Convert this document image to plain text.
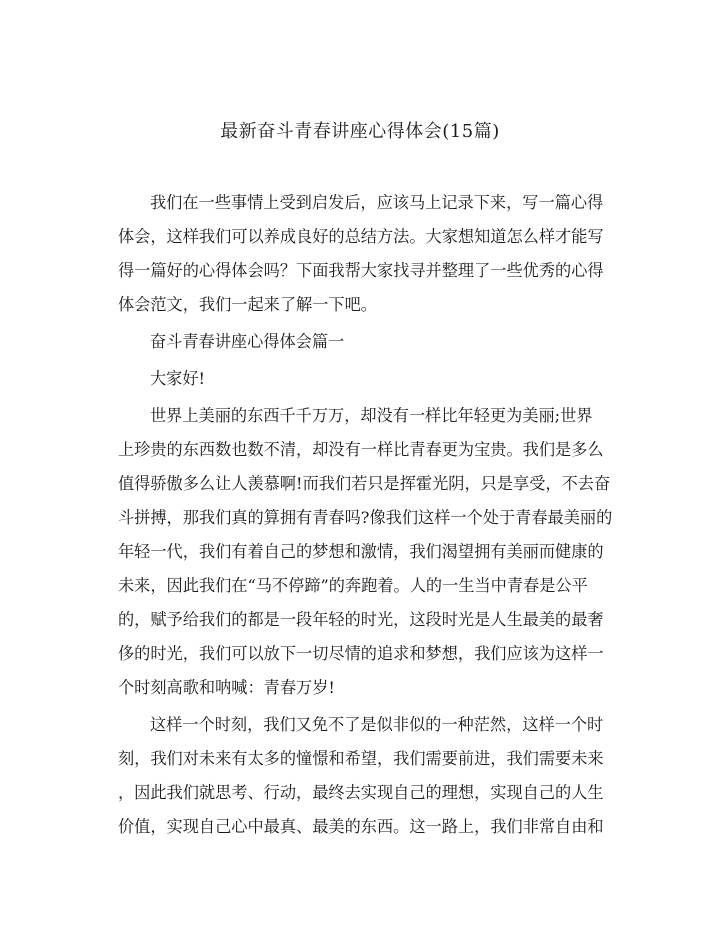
最新奋斗青春讲座心得体会(15篇)
我们在一些事情上受到启发后，应该马上记录下来，写一篇心得
体会，这样我们可以养成良好的总结方法。大家想知道怎么样才能写
得一篇好的心得体会吗？下面我帮大家找寻并整理了一些优秀的心得
体会范文，我们一起来了解一下吧。
奋斗青春讲座心得体会篇一
大家好!
世界上美丽的东西千千万万，却没有一样比年轻更为美丽;世界
上珍贵的东西数也数不清，却没有一样比青春更为宝贵。我们是多么
值得骄傲多么让人羡慕啊!而我们若只是挥霍光阴，只是享受，不去奋
斗拼搏，那我们真的算拥有青春吗?像我们这样一个处于青春最美丽的
年轻一代，我们有着自己的梦想和激情，我们渴望拥有美丽而健康的
未来，因此我们在“马不停蹄”的奔跑着。人的一生当中青春是公平
的，赋予给我们的都是一段年轻的时光，这段时光是人生最美的最奢
侈的时光，我们可以放下一切尽情的追求和梦想，我们应该为这样一
个时刻高歌和呐喊：青春万岁!
这样一个时刻，我们又免不了是似非似的一种茫然，这样一个时
刻，我们对未来有太多的憧憬和希望，我们需要前进，我们需要未来
，因此我们就思考、行动，最终去实现自己的理想，实现自己的人生
价值，实现自己心中最真、最美的东西。这一路上，我们非常自由和
